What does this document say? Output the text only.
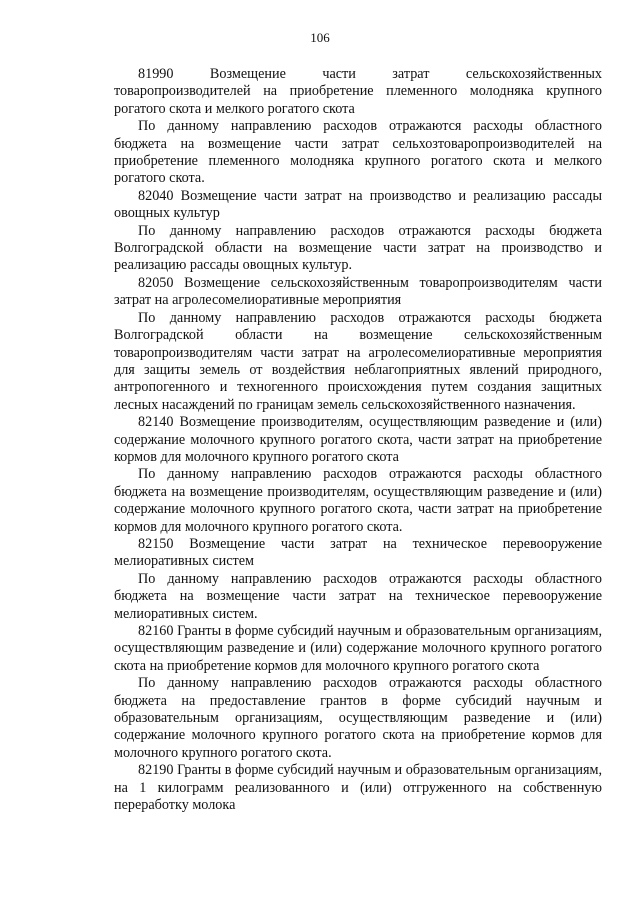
106

81990 Возмещение части затрат сельскохозяйственных товаропроизводителей на приобретение племенного молодняка крупного рогатого скота и мелкого рогатого скота

По данному направлению расходов отражаются расходы областного бюджета на возмещение части затрат сельхозтоваропроизводителей на приобретение племенного молодняка крупного рогатого скота и мелкого рогатого скота.

82040 Возмещение части затрат на производство и реализацию рассады овощных культур

По данному направлению расходов отражаются расходы бюджета Волгоградской области на возмещение части затрат на производство и реализацию рассады овощных культур.

82050 Возмещение сельскохозяйственным товаропроизводителям части затрат на агролесомелиоративные мероприятия

По данному направлению расходов отражаются расходы бюджета Волгоградской области на возмещение сельскохозяйственным товаропроизводителям части затрат на агролесомелиоративные мероприятия для защиты земель от воздействия неблагоприятных явлений природного, антропогенного и техногенного происхождения путем создания защитных лесных насаждений по границам земель сельскохозяйственного назначения.

82140 Возмещение производителям, осуществляющим разведение и (или) содержание молочного крупного рогатого скота, части затрат на приобретение кормов для молочного крупного рогатого скота

По данному направлению расходов отражаются расходы областного бюджета на возмещение производителям, осуществляющим разведение и (или) содержание молочного крупного рогатого скота, части затрат на приобретение кормов для молочного крупного рогатого скота.

82150 Возмещение части затрат на техническое перевооружение мелиоративных систем

По данному направлению расходов отражаются расходы областного бюджета на возмещение части затрат на техническое перевооружение мелиоративных систем.

82160 Гранты в форме субсидий научным и образовательным организациям, осуществляющим разведение и (или) содержание молочного крупного рогатого скота на приобретение кормов для молочного крупного рогатого скота

По данному направлению расходов отражаются расходы областного бюджета на предоставление грантов в форме субсидий научным и образовательным организациям, осуществляющим разведение и (или) содержание молочного крупного рогатого скота на приобретение кормов для молочного крупного рогатого скота.

82190 Гранты в форме субсидий научным и образовательным организациям, на 1 килограмм реализованного и (или) отгруженного на собственную переработку молока
